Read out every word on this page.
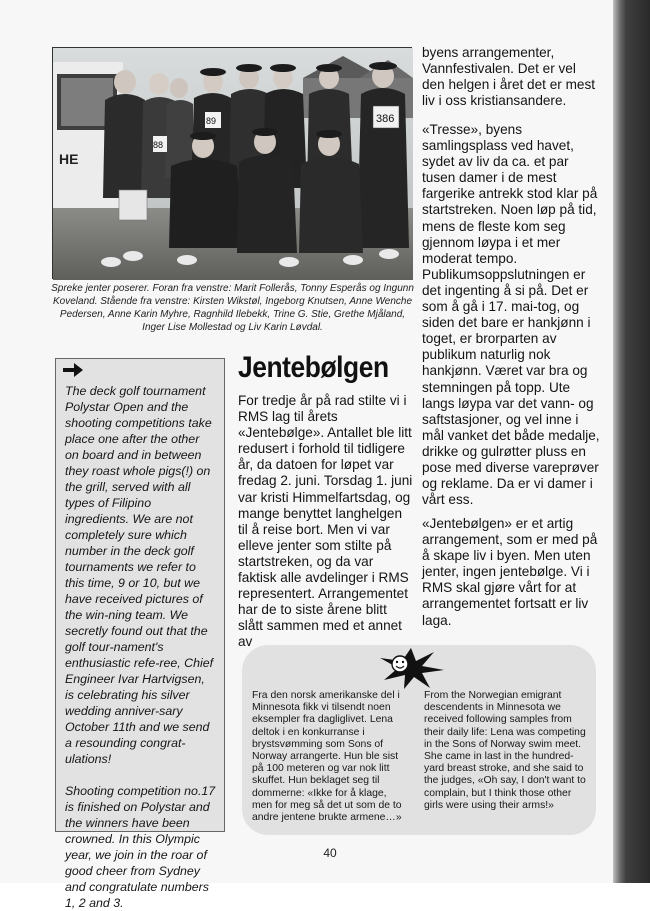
HE
386
89
88
Spreke jenter poserer. Foran fra venstre: Marit Follerås, Tonny Esperås og Ingunn Koveland. Stående fra venstre: Kirsten Wikstøl, Ingeborg Knutsen, Anne Wenche Pedersen, Anne Karin Myhre, Ragnhild Ilebekk, Trine G. Stie, Grethe Mjåland, Inger Lise Mollestad og Liv Karin Løvdal.
byens arrangementer, Vannfestivalen. Det er vel den helgen i året det er mest liv i oss kristiansandere.
«Tresse», byens samlingsplass ved havet, sydet av liv da ca. et par tusen damer i de mest fargerike antrekk stod klar på startstreken. Noen løp på tid, mens de fleste kom seg gjennom løypa i et mer moderat tempo. Publikumsoppslutningen er det ingenting å si på. Det er som å gå i 17. mai-tog, og siden det bare er hankjønn i toget, er brorparten av publikum naturlig nok hankjønn. Været var bra og stemningen på topp. Ute langs løypa var det vann- og saftstasjoner, og vel inne i mål vanket det både medalje, drikke og gulrøtter pluss en pose med diverse vareprøver og reklame. Da er vi damer i vårt ess.
«Jentebølgen» er et artig arrangement, som er med på å skape liv i byen. Men uten jenter, ingen jentebølge. Vi i RMS skal gjøre vårt for at arrangementet fortsatt er liv laga.

The deck golf tournament Polystar Open and the shooting competitions take place one after the other on board and in between they roast whole pigs(!) on the grill, served with all types of Filipino ingredients. We are not completely sure which number in the deck golf tournaments we refer to this time, 9 or 10, but we have received pictures of the win-ning team. We secretly found out that the golf tour-nament's enthusiastic refe-ree, Chief Engineer Ivar Hartvigsen, is celebrating his silver wedding anniver-sary October 11th and we send a resounding congrat-ulations!

Shooting competition no.17 is finished on Polystar and the winners have been crowned. In this Olympic year, we join in the roar of good cheer from Sydney and congratulate numbers 1, 2 and 3.

Jentebølgen
For tredje år på rad stilte vi i RMS lag til årets «Jentebølge». Antallet ble litt redusert i forhold til tidligere år, da datoen for løpet var fredag 2. juni. Torsdag 1. juni var kristi Himmelfartsdag, og mange benyttet langhelgen til å reise bort. Men vi var elleve jenter som stilte på startstreken, og da var faktisk alle avdelinger i RMS representert. Arrangementet har de to siste årene blitt slått sammen med et annet av
Fra den norsk amerikanske del i Minnesota fikk vi tilsendt noen eksempler fra dagliglivet. Lena deltok i en konkurranse i brystsvømming som Sons of Norway arrangerte. Hun ble sist på 100 meteren og var nok litt skuffet. Hun beklaget seg til dommerne: «Ikke for å klage, men for meg så det ut som de to andre jentene brukte armene…»
From the Norwegian emigrant descendents in Minnesota we received following samples from their daily life: Lena was competing in the Sons of Norway swim meet. She came in last in the hundred-yard breast stroke, and she said to the judges, «Oh say, I don't want to complain, but I think those other girls were using their arms!»
40
